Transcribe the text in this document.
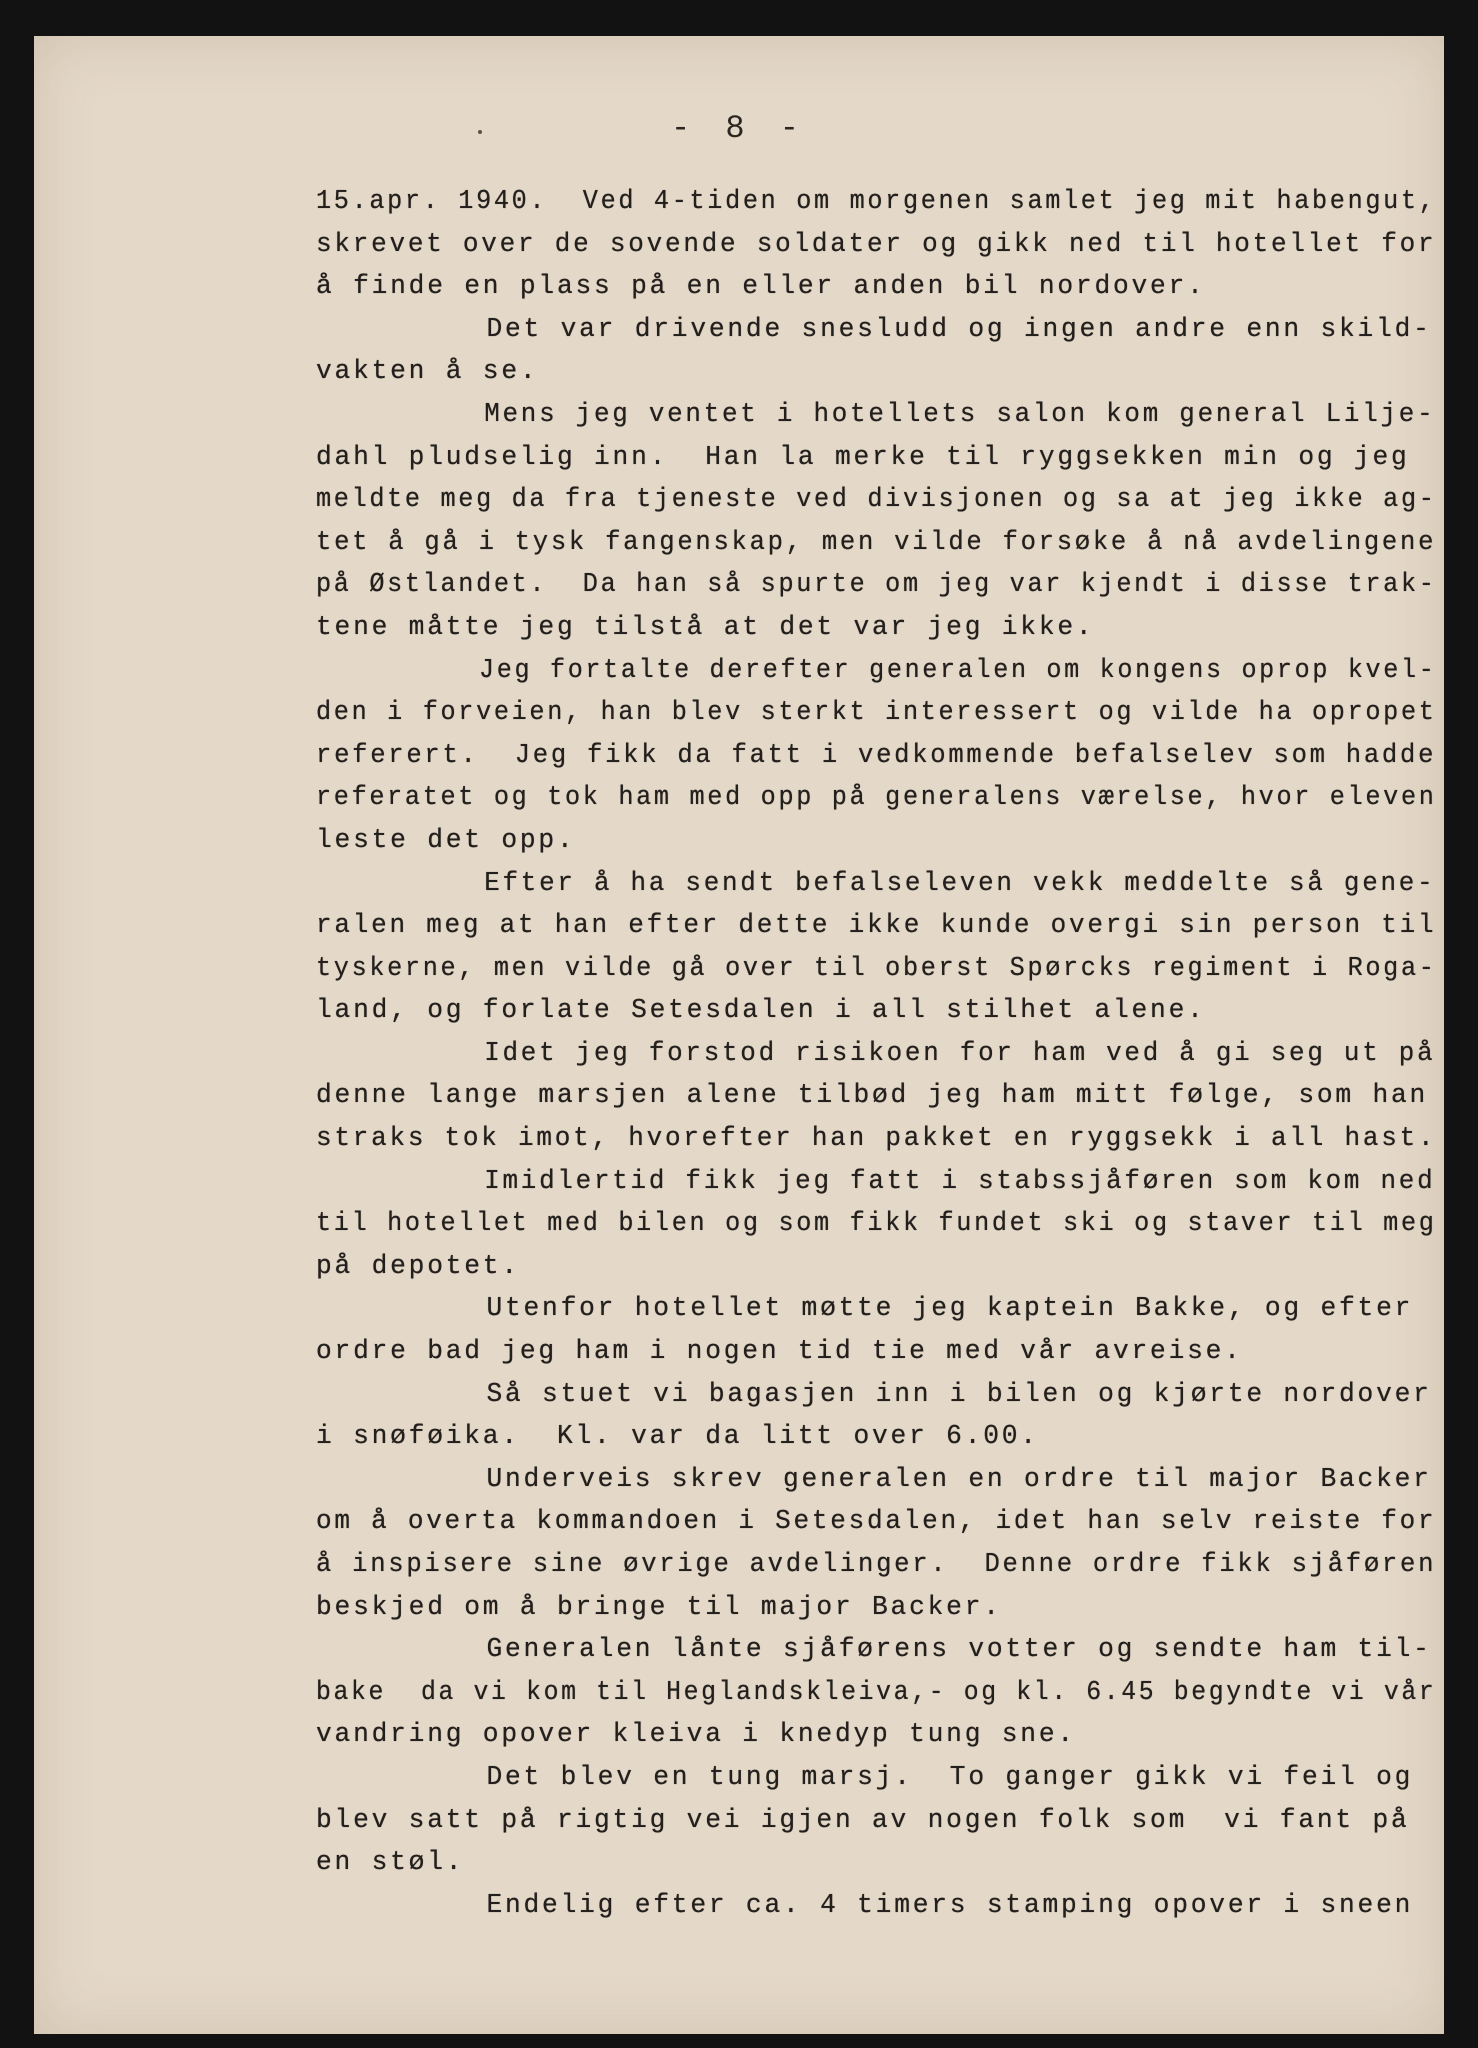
- 8 -
15.apr. 1940.  Ved 4-tiden om morgenen samlet jeg mit habengut,
skrevet over de sovende soldater og gikk ned til hotellet for
å finde en plass på en eller anden bil nordover.
Det var drivende snesludd og ingen andre enn skild-
vakten å se.
Mens jeg ventet i hotellets salon kom general Lilje-
dahl pludselig inn.  Han la merke til ryggsekken min og jeg
meldte meg da fra tjeneste ved divisjonen og sa at jeg ikke ag-
tet å gå i tysk fangenskap, men vilde forsøke å nå avdelingene
på Østlandet.  Da han så spurte om jeg var kjendt i disse trak-
tene måtte jeg tilstå at det var jeg ikke.
Jeg fortalte derefter generalen om kongens oprop kvel-
den i forveien, han blev sterkt interessert og vilde ha opropet
referert.  Jeg fikk da fatt i vedkommende befalselev som hadde
referatet og tok ham med opp på generalens værelse, hvor eleven
leste det opp.
Efter å ha sendt befalseleven vekk meddelte så gene-
ralen meg at han efter dette ikke kunde overgi sin person til
tyskerne, men vilde gå over til oberst Spørcks regiment i Roga-
land, og forlate Setesdalen i all stilhet alene.
Idet jeg forstod risikoen for ham ved å gi seg ut på
denne lange marsjen alene tilbød jeg ham mitt følge, som han
straks tok imot, hvorefter han pakket en ryggsekk i all hast.
Imidlertid fikk jeg fatt i stabssjåføren som kom ned
til hotellet med bilen og som fikk fundet ski og staver til meg
på depotet.
Utenfor hotellet møtte jeg kaptein Bakke, og efter
ordre bad jeg ham i nogen tid tie med vår avreise.
Så stuet vi bagasjen inn i bilen og kjørte nordover
i snøføika.  Kl. var da litt over 6.00.
Underveis skrev generalen en ordre til major Backer
om å overta kommandoen i Setesdalen, idet han selv reiste for
å inspisere sine øvrige avdelinger.  Denne ordre fikk sjåføren
beskjed om å bringe til major Backer.
Generalen lånte sjåførens votter og sendte ham til-
bake  da vi kom til Heglandskleiva,- og kl. 6.45 begyndte vi vår
vandring opover kleiva i knedyp tung sne.
Det blev en tung marsj.  To ganger gikk vi feil og
blev satt på rigtig vei igjen av nogen folk som  vi fant på
en støl.
Endelig efter ca. 4 timers stamping opover i sneen
